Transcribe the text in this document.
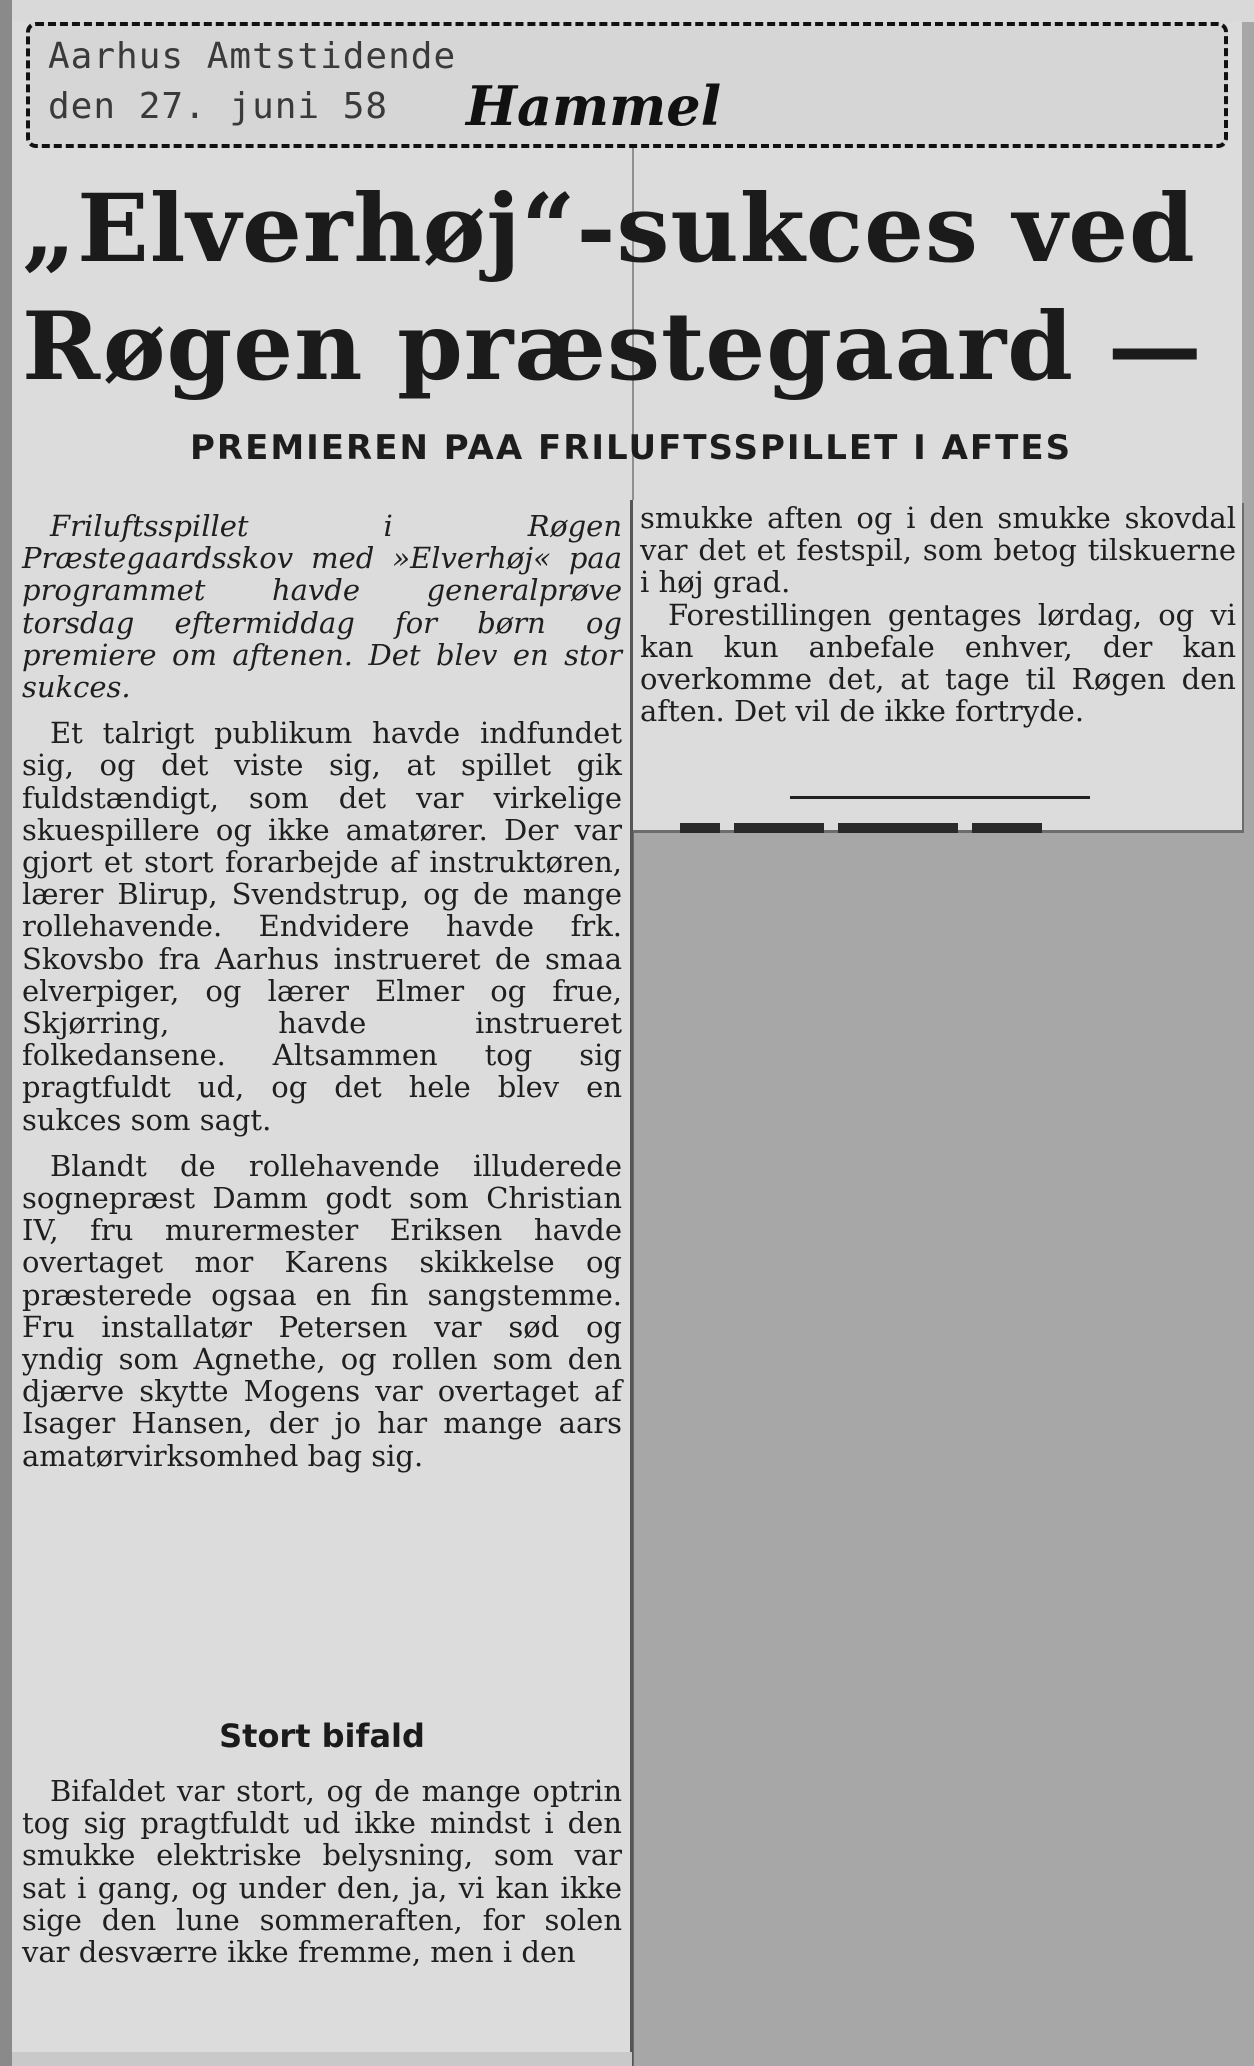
Aarhus Amtstidende
den 27. juni 58 Hammel
„Elverhøj“-sukces ved
Røgen præstegaard —
PREMIEREN PAA FRILUFTSSPILLET I AFTES

Friluftsspillet i Røgen Præstegaardsskov med »Elverhøj« paa programmet havde generalprøve torsdag eftermiddag for børn og premiere om aftenen. Det blev en stor sukces.

Et talrigt publikum havde indfundet sig, og det viste sig, at spillet gik fuldstændigt, som det var virkelige skuespillere og ikke amatører. Der var gjort et stort forarbejde af instruktøren, lærer Blirup, Svendstrup, og de mange rollehavende. Endvidere havde frk. Skovsbo fra Aarhus instrueret de smaa elverpiger, og lærer Elmer og frue, Skjørring, havde instrueret folkedansene. Altsammen tog sig pragtfuldt ud, og det hele blev en sukces som sagt.

Blandt de rollehavende illuderede sognepræst Damm godt som Christian IV, fru murermester Eriksen havde overtaget mor Karens skikkelse og præsterede ogsaa en fin sangstemme. Fru installatør Petersen var sød og yndig som Agnethe, og rollen som den djærve skytte Mogens var overtaget af Isager Hansen, der jo har mange aars amatørvirksomhed bag sig.

Stort bifald

Bifaldet var stort, og de mange optrin tog sig pragtfuldt ud ikke mindst i den smukke elektriske belysning, som var sat i gang, og under den, ja, vi kan ikke sige den lune sommeraften, for solen var desværre ikke fremme, men i den

smukke aften og i den smukke skovdal var det et festspil, som betog tilskuerne i høj grad.

Forestillingen gentages lørdag, og vi kan kun anbefale enhver, der kan overkomme det, at tage til Røgen den aften. Det vil de ikke fortryde.
